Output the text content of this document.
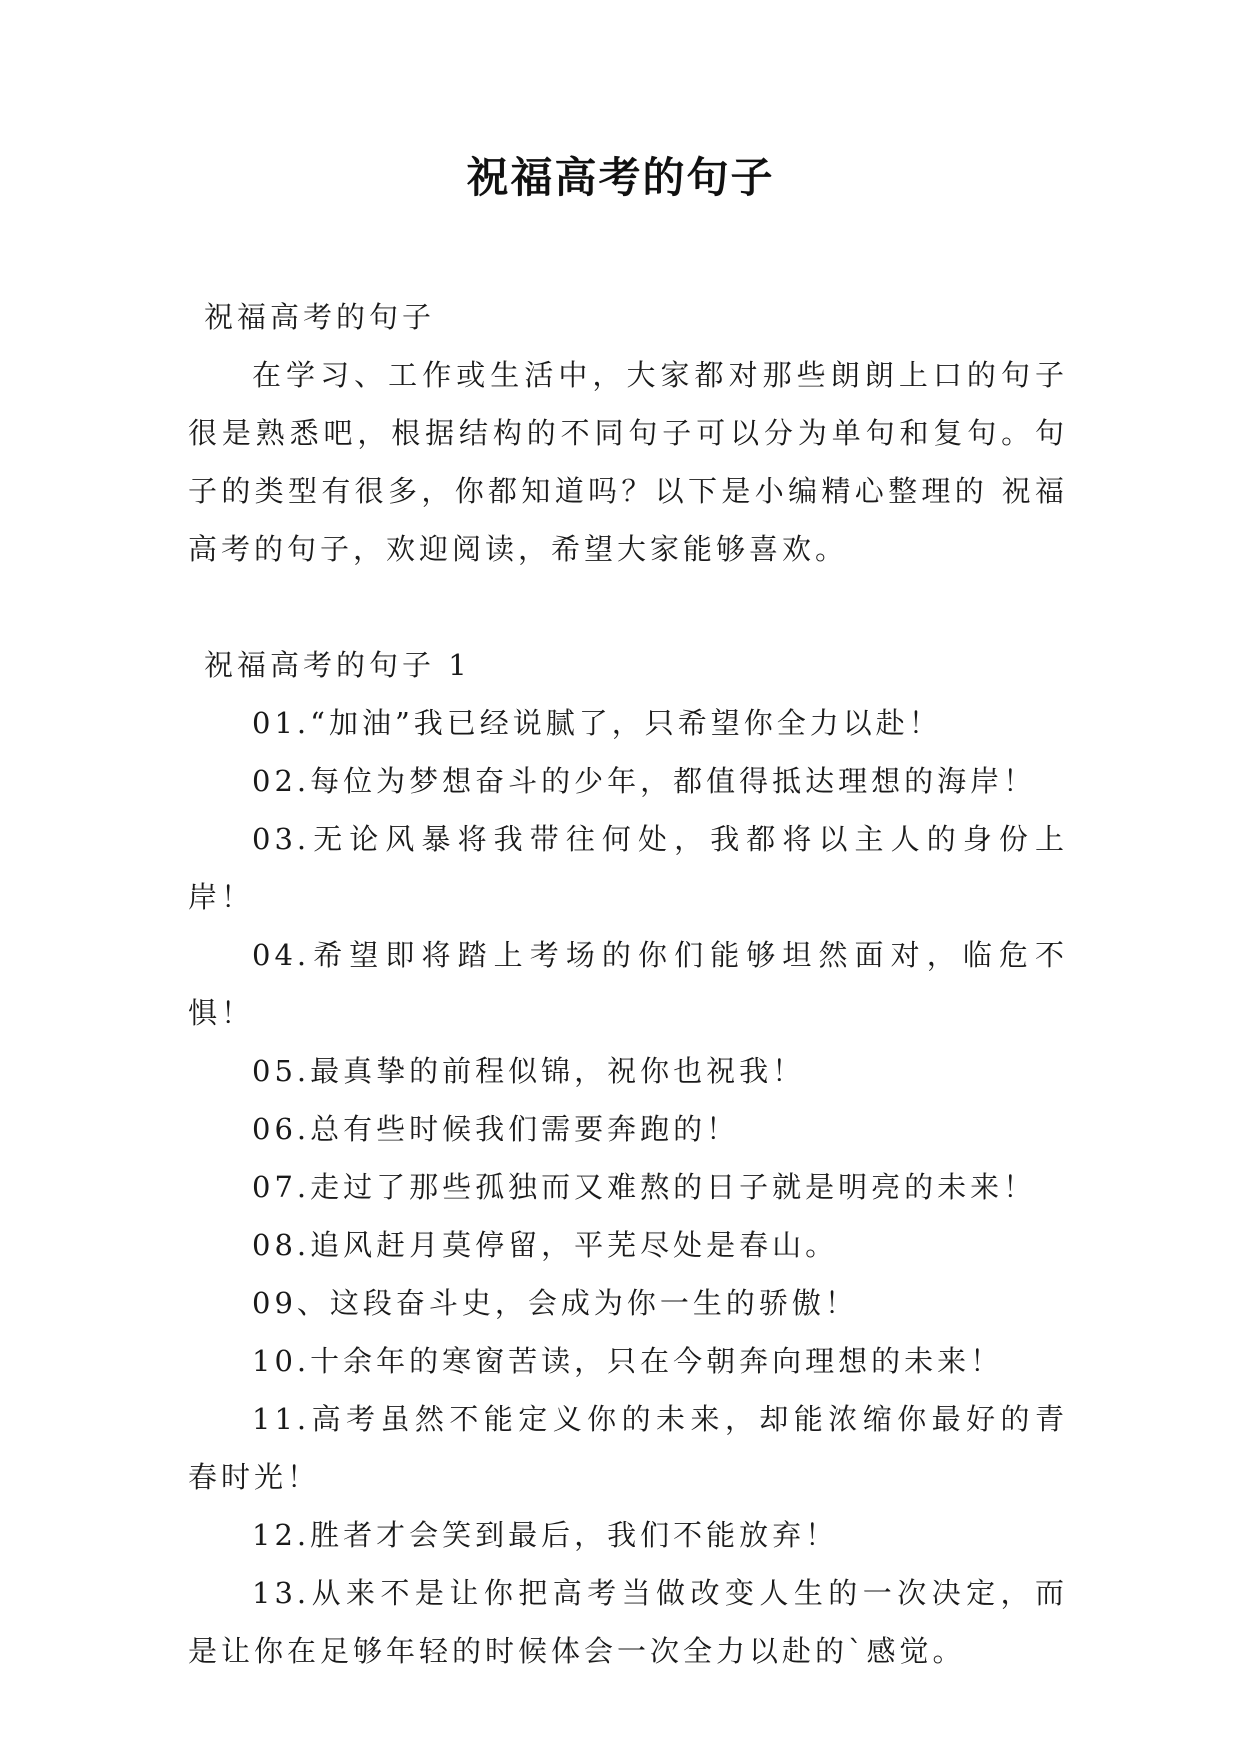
祝福高考的句子

祝福高考的句子

在学习、工作或生活中，大家都对那些朗朗上口的句子很是熟悉吧，根据结构的不同句子可以分为单句和复句。句子的类型有很多，你都知道吗？以下是小编精心整理的 祝福高考的句子，欢迎阅读，希望大家能够喜欢。

祝福高考的句子 1

01.“加油”我已经说腻了，只希望你全力以赴！

02.每位为梦想奋斗的少年，都值得抵达理想的海岸！

03.无论风暴将我带往何处，我都将以主人的身份上岸！

04.希望即将踏上考场的你们能够坦然面对，临危不惧！

05.最真挚的前程似锦，祝你也祝我！

06.总有些时候我们需要奔跑的！

07.走过了那些孤独而又难熬的日子就是明亮的未来！

08.追风赶月莫停留，平芜尽处是春山。

09、这段奋斗史，会成为你一生的骄傲！

10.十余年的寒窗苦读，只在今朝奔向理想的未来！

11.高考虽然不能定义你的未来，却能浓缩你最好的青春时光！

12.胜者才会笑到最后，我们不能放弃！

13.从来不是让你把高考当做改变人生的一次决定，而是让你在足够年轻的时候体会一次全力以赴的`感觉。
